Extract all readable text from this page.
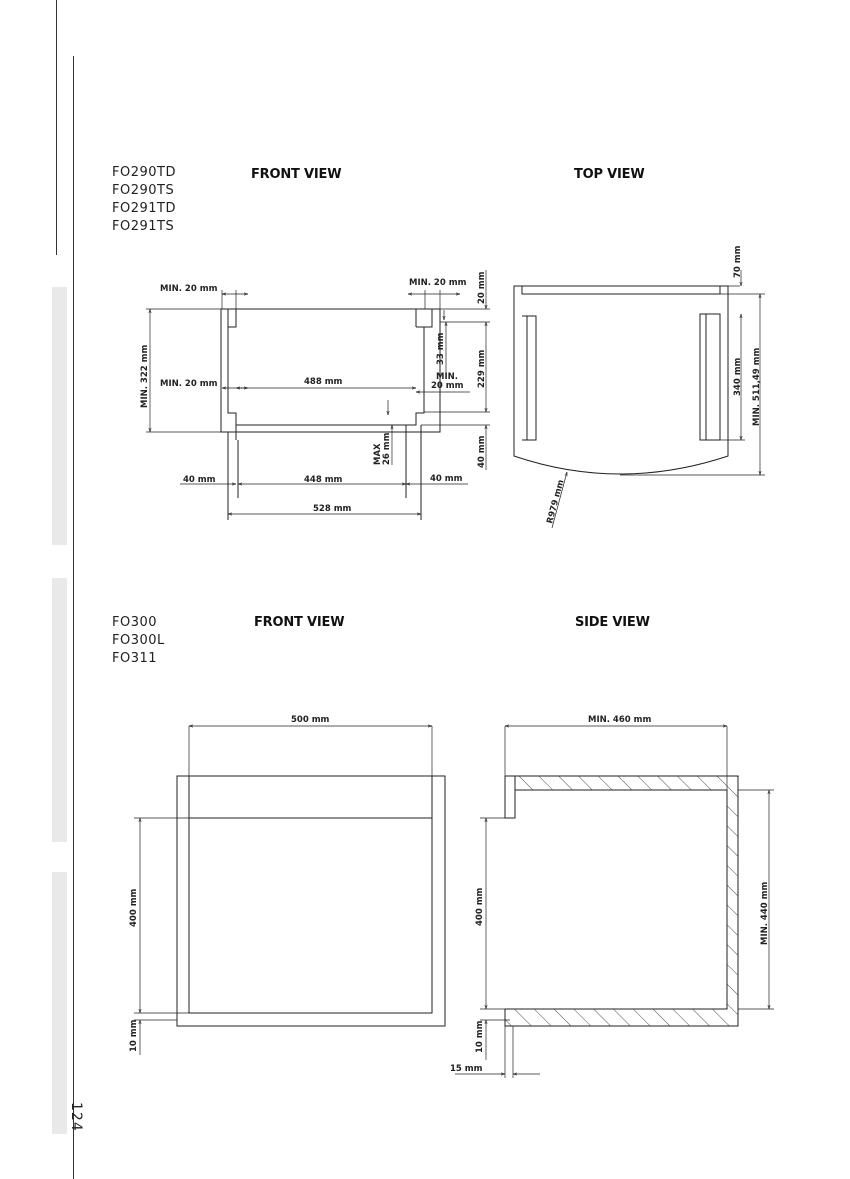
124
FO290TD
FO290TS
FO291TD
FO291TS
FRONT VIEW	TOP VIEW
FO300
FO300L
FO311
FRONT VIEW	SIDE VIEW
MIN. 20 mm
MIN. 20 mm
MIN. 322 mm MIN. 20 mm	488 mm	MIN.
20 mm
20 mm
33 mm
229 mm
MAX 26 mm	40 mm
40 mm	448 mm	40 mm
528 mm
70 mm
340 mm MIN. 511,49 mm
R979 mm
500 mm
400 mm
10 mm
MIN. 460 mm
400 mm	MIN. 440 mm
10 mm
15 mm
